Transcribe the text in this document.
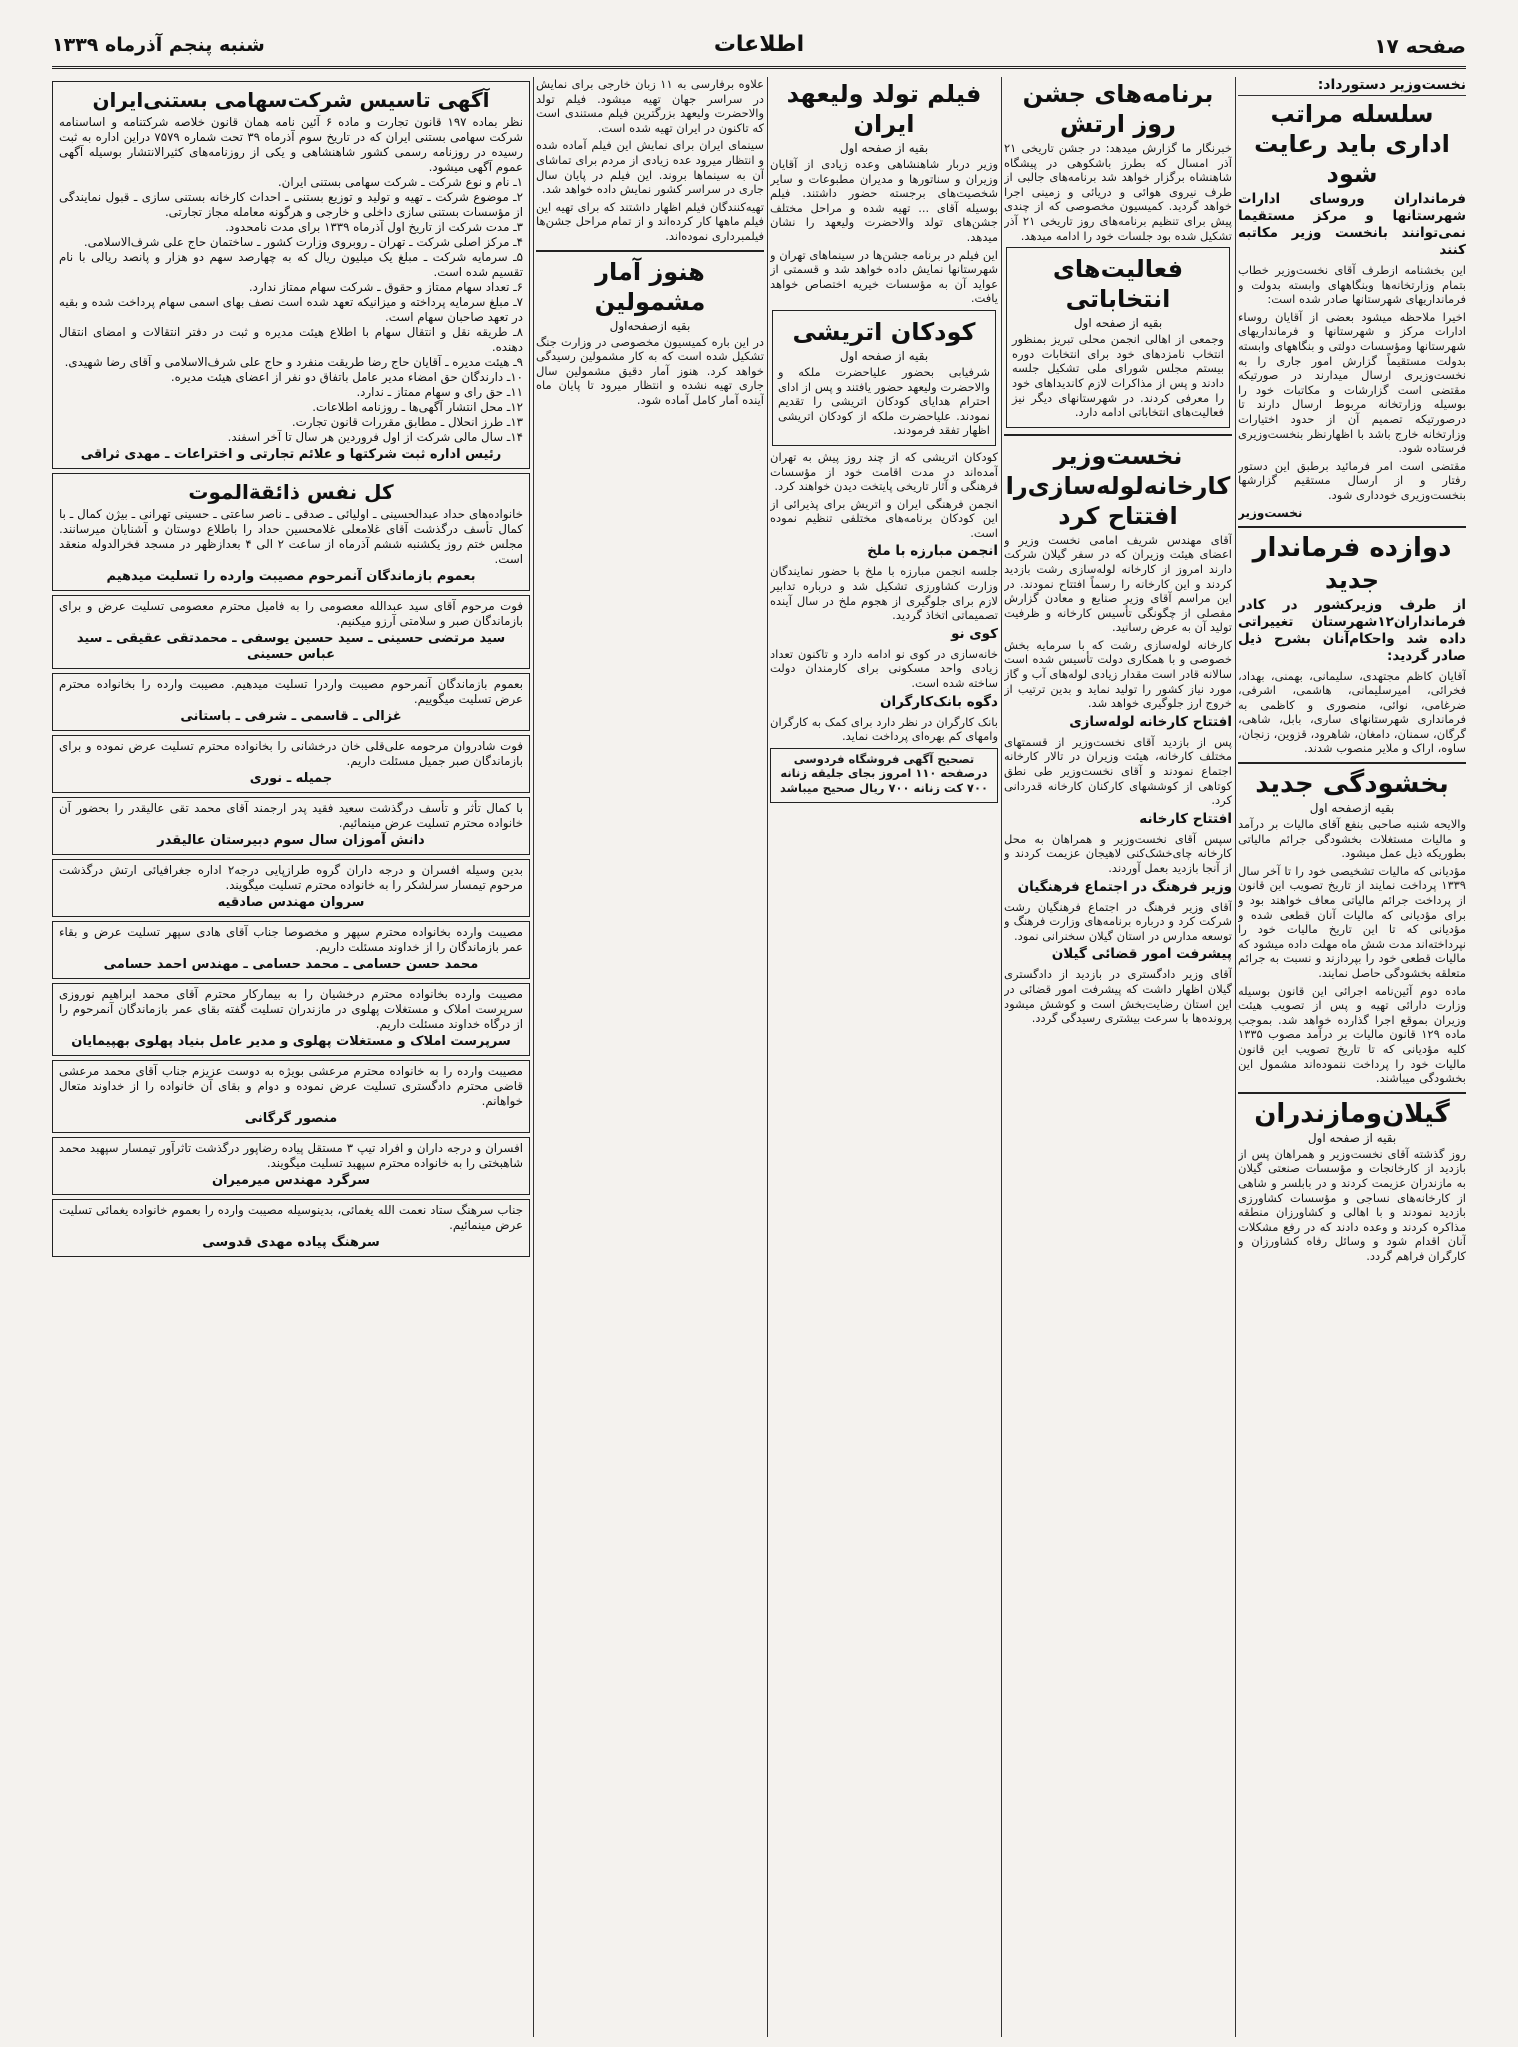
صفحه ۱۷
اطلاعات
شنبه پنجم آذرماه ۱۳۳۹
نخست‌وزیر دستورداد:
سلسله مراتب اداری باید رعایت شود
فرمانداران وروسای ادارات شهرستانها و مرکز مستقیما نمی‌توانند بانخست وزیر مکاتبه کنند

این بخشنامه ازطرف آقای نخست‌وزیر خطاب بتمام وزارتخانه‌ها وبنگاههای وابسته بدولت و فرمانداریهای شهرستانها صادر شده است:

اخیرا ملاحظه میشود بعضی از آقایان روساء ادارات مرکز و شهرستانها و فرمانداریهای شهرستانها ومؤسسات دولتی و بنگاههای وابسته بدولت مستقیماً گزارش امور جاری را به نخست‌وزیری ارسال میدارند در صورتیکه مقتضی است گزارشات و مکاتبات خود را بوسیله وزارتخانه مربوط ارسال دارند تا درصورتیکه تصمیم آن از حدود اختیارات وزارتخانه خارج باشد با اظهارنظر بنخست‌وزیری فرستاده شود.

مقتضی است امر فرمائید برطبق این دستور رفتار و از ارسال مستقیم گزارشها بنخست‌وزیری خودداری شود.

نخست‌وزیر
دوازده فرماندار
جدید
از طرف وزیرکشور در کادر فرمانداران۱۲شهرستان تغییراتی داده شد واحکام‌آنان بشرح ذیل صادر گردید:

آقایان کاظم مجتهدی، سلیمانی، بهمنی، بهداد، فخرائی، امیرسلیمانی، هاشمی، اشرفی، ضرغامی، نوائی، منصوری و کاظمی به فرمانداری شهرستانهای ساری، بابل، شاهی، گرگان، سمنان، دامغان، شاهرود، قزوین، زنجان، ساوه، اراک و ملایر منصوب شدند.

بخشودگی جدید
بقیه ازصفحه اول

والایحه شنبه صاحبی بنفع آقای مالیات بر درآمد و مالیات مستغلات بخشودگی جرائم مالیاتی بطوریکه ذیل عمل میشود.

مؤدیانی که مالیات تشخیصی خود را تا آخر سال ۱۳۳۹ پرداخت نمایند از تاریخ تصویب این قانون از پرداخت جرائم مالیاتی معاف خواهند بود و برای مؤدیانی که مالیات آنان قطعی شده و مؤدیانی که تا این تاریخ مالیات خود را نپرداخته‌اند مدت شش ماه مهلت داده میشود که مالیات قطعی خود را بپردازند و نسبت به جرائم متعلقه بخشودگی حاصل نمایند.

ماده دوم آئین‌نامه اجرائی این قانون بوسیله وزارت دارائی تهیه و پس از تصویب هیئت وزیران بموقع اجرا گذارده خواهد شد. بموجب ماده ۱۲۹ قانون مالیات بر درآمد مصوب ۱۳۳۵ کلیه مؤدیانی که تا تاریخ تصویب این قانون مالیات خود را پرداخت ننموده‌اند مشمول این بخشودگی میباشند.

گیلان‌ومازندران
بقیه از صفحه اول

روز گذشته آقای نخست‌وزیر و همراهان پس از بازدید از کارخانجات و مؤسسات صنعتی گیلان به مازندران عزیمت کردند و در بابلسر و شاهی از کارخانه‌های نساجی و مؤسسات کشاورزی بازدید نمودند و با اهالی و کشاورزان منطقه مذاکره کردند و وعده دادند که در رفع مشکلات آنان اقدام شود و وسائل رفاه کشاورزان و کارگران فراهم گردد.

برنامه‌های جشن روز ارتش

خبرنگار ما گزارش میدهد: در جشن تاریخی ۲۱ آذر امسال که بطرز باشکوهی در پیشگاه شاهنشاه برگزار خواهد شد برنامه‌های جالبی از طرف نیروی هوائی و دریائی و زمینی اجرا خواهد گردید. کمیسیون مخصوصی که از چندی پیش برای تنظیم برنامه‌های روز تاریخی ۲۱ آذر تشکیل شده بود جلسات خود را ادامه میدهد.

فعالیت‌های انتخاباتی
بقیه از صفحه اول

وجمعی از اهالی انجمن محلی تبریز بمنظور انتخاب نامزدهای خود برای انتخابات دوره بیستم مجلس شورای ملی تشکیل جلسه دادند و پس از مذاکرات لازم کاندیداهای خود را معرفی کردند. در شهرستانهای دیگر نیز فعالیت‌های انتخاباتی ادامه دارد.

نخست‌وزیر کارخانه‌لوله‌سازی‌را افتتاح کرد

آقای مهندس شریف امامی نخست وزیر و اعضای هیئت وزیران که در سفر گیلان شرکت دارند امروز از کارخانه لوله‌سازی رشت بازدید کردند و این کارخانه را رسماً افتتاح نمودند. در این مراسم آقای وزیر صنایع و معادن گزارش مفصلی از چگونگی تأسیس کارخانه و ظرفیت تولید آن به عرض رسانید.

کارخانه لوله‌سازی رشت که با سرمایه بخش خصوصی و با همکاری دولت تأسیس شده است سالانه قادر است مقدار زیادی لوله‌های آب و گاز مورد نیاز کشور را تولید نماید و بدین ترتیب از خروج ارز جلوگیری خواهد شد.

افتتاح کارخانه لوله‌سازی

پس از بازدید آقای نخست‌وزیر از قسمتهای مختلف کارخانه، هیئت وزیران در تالار کارخانه اجتماع نمودند و آقای نخست‌وزیر طی نطق کوتاهی از کوششهای کارکنان کارخانه قدردانی کرد.

افتتاح کارخانه

سپس آقای نخست‌وزیر و همراهان به محل کارخانه چای‌خشک‌کنی لاهیجان عزیمت کردند و از آنجا بازدید بعمل آوردند.

وزیر فرهنگ در اجتماع فرهنگیان

آقای وزیر فرهنگ در اجتماع فرهنگیان رشت شرکت کرد و درباره برنامه‌های وزارت فرهنگ و توسعه مدارس در استان گیلان سخنرانی نمود.

پیشرفت امور قضائی گیلان

آقای وزیر دادگستری در بازدید از دادگستری گیلان اظهار داشت که پیشرفت امور قضائی در این استان رضایت‌بخش است و کوشش میشود پرونده‌ها با سرعت بیشتری رسیدگی گردد.

فیلم تولد ولیعهد ایران
بقیه از صفحه اول

وزیر دربار شاهنشاهی وعده زیادی از آقایان وزیران و سناتورها و مدیران مطبوعات و سایر شخصیت‌های برجسته حضور داشتند. فیلم بوسیله آقای ... تهیه شده و مراحل مختلف جشن‌های تولد والاحضرت ولیعهد را نشان میدهد.

این فیلم در برنامه جشن‌ها در سینماهای تهران و شهرستانها نمایش داده خواهد شد و قسمتی از عواید آن به مؤسسات خیریه اختصاص خواهد یافت.

کودکان اتریشی
بقیه از صفحه اول

شرفیابی بحضور علیاحضرت ملکه و والاحضرت ولیعهد حضور یافتند و پس از ادای احترام هدایای کودکان اتریشی را تقدیم نمودند. علیاحضرت ملکه از کودکان اتریشی اظهار تفقد فرمودند.

کودکان اتریشی که از چند روز پیش به تهران آمده‌اند در مدت اقامت خود از مؤسسات فرهنگی و آثار تاریخی پایتخت دیدن خواهند کرد.

انجمن فرهنگی ایران و اتریش برای پذیرائی از این کودکان برنامه‌های مختلفی تنظیم نموده است.

انجمن مبارزه با ملخ

جلسه انجمن مبارزه با ملخ با حضور نمایندگان وزارت کشاورزی تشکیل شد و درباره تدابیر لازم برای جلوگیری از هجوم ملخ در سال آینده تصمیماتی اتخاذ گردید.

کوی نو

خانه‌سازی در کوی نو ادامه دارد و تاکنون تعداد زیادی واحد مسکونی برای کارمندان دولت ساخته شده است.

دگوه بانک‌کارگران

بانک کارگران در نظر دارد برای کمک به کارگران وامهای کم بهره‌ای پرداخت نماید.

تصحیح آگهی فروشگاه فردوسی درصفحه ۱۱۰ امروز بجای جلیقه زنانه ۷۰۰ کت زنانه ۷۰۰ ریال صحیح میباشد

علاوه برفارسی به ۱۱ زبان خارجی برای نمایش در سراسر جهان تهیه میشود. فیلم تولد والاحضرت ولیعهد بزرگترین فیلم مستندی است که تاکنون در ایران تهیه شده است.

سینمای ایران برای نمایش این فیلم آماده شده و انتظار میرود عده زیادی از مردم برای تماشای آن به سینماها بروند. این فیلم در پایان سال جاری در سراسر کشور نمایش داده خواهد شد.

تهیه‌کنندگان فیلم اظهار داشتند که برای تهیه این فیلم ماهها کار کرده‌اند و از تمام مراحل جشن‌ها فیلمبرداری نموده‌اند.

هنوز آمار مشمولین
بقیه ازصفحه‌اول

در این باره کمیسیون مخصوصی در وزارت جنگ تشکیل شده است که به کار مشمولین رسیدگی خواهد کرد. هنوز آمار دقیق مشمولین سال جاری تهیه نشده و انتظار میرود تا پایان ماه آینده آمار کامل آماده شود.

آگهی تاسیس شرکت‌سهامی بستنی‌ایران

نظر بماده ۱۹۷ قانون تجارت و ماده ۶ آئین نامه همان قانون خلاصه شرکتنامه و اساسنامه شرکت سهامی بستنی ایران که در تاریخ سوم آذرماه ۳۹ تحت شماره ۷۵۷۹ دراین اداره به ثبت رسیده در روزنامه رسمی کشور شاهنشاهی و یکی از روزنامه‌های کثیرالانتشار بوسیله آگهی عموم آگهی میشود.

۱ـ نام و نوع شرکت ـ شرکت سهامی بستنی ایران.

۲ـ موضوع شرکت ـ تهیه و تولید و توزیع بستنی ـ احداث کارخانه بستنی سازی ـ قبول نمایندگی از مؤسسات بستنی سازی داخلی و خارجی و هرگونه معامله مجاز تجارتی.

۳ـ مدت شرکت از تاریخ اول آذرماه ۱۳۳۹ برای مدت نامحدود.

۴ـ مرکز اصلی شرکت ـ تهران ـ روبروی وزارت کشور ـ ساختمان حاج علی شرف‌الاسلامی.

۵ـ سرمایه شرکت ـ مبلغ یک میلیون ریال که به چهارصد سهم دو هزار و پانصد ریالی با نام تقسیم شده است.

۶ـ تعداد سهام ممتاز و حقوق ـ شرکت سهام ممتاز ندارد.

۷ـ مبلغ سرمایه پرداخته و میزانیکه تعهد شده است نصف بهای اسمی سهام پرداخت شده و بقیه در تعهد صاحبان سهام است.

۸ـ طریقه نقل و انتقال سهام با اطلاع هیئت مدیره و ثبت در دفتر انتقالات و امضای انتقال دهنده.

۹ـ هیئت مدیره ـ آقایان حاج رضا طریقت منفرد و حاج علی شرف‌الاسلامی و آقای رضا شهیدی.

۱۰ـ دارندگان حق امضاء مدیر عامل باتفاق دو نفر از اعضای هیئت مدیره.

۱۱ـ حق رای و سهام ممتاز ـ ندارد.

۱۲ـ محل انتشار آگهی‌ها ـ روزنامه اطلاعات.

۱۳ـ طرز انحلال ـ مطابق مقررات قانون تجارت.

۱۴ـ سال مالی شرکت از اول فروردین هر سال تا آخر اسفند.

رئیس اداره ثبت شرکتها و علائم تجارتی و اختراعات ـ مهدی ثراقی
کل نفس ذائقةالموت

خانواده‌های حداد عبدالحسینی ـ اولیائی ـ صدقی ـ ناصر ساعتی ـ حسینی تهرانی ـ بیژن کمال ـ با کمال تأسف درگذشت آقای غلامعلی غلامحسین حداد را باطلاع دوستان و آشنایان میرسانند. مجلس ختم روز یکشنبه ششم آذرماه از ساعت ۲ الی ۴ بعدازظهر در مسجد فخرالدوله منعقد است.

بعموم بازماندگان آنمرحوم مصیبت وارده را تسلیت میدهیم

فوت مرحوم آقای سید عبدالله معصومی را به فامیل محترم معصومی تسلیت عرض و برای بازماندگان صبر و سلامتی آرزو میکنیم.

سید مرتضی حسینی ـ سید حسین یوسفی ـ محمدتقی عقیقی ـ سید عباس حسینی

بعموم بازماندگان آنمرحوم مصیبت واردرا تسلیت میدهیم. مصیبت وارده را بخانواده محترم عرض تسلیت میگوییم.

غزالی ـ قاسمی ـ شرفی ـ باستانی

فوت شادروان مرحومه علی‌قلی خان درخشانی را بخانواده محترم تسلیت عرض نموده و برای بازماندگان صبر جمیل مسئلت داریم.

جمیله ـ نوری

با کمال تأثر و تأسف درگذشت سعید فقید پدر ارجمند آقای محمد تقی عالیقدر را بحضور آن خانواده محترم تسلیت عرض مینمائیم.

دانش آموزان سال سوم دبیرستان عالیقدر

بدین وسیله افسران و درجه داران گروه طرازپایی درجه۲ اداره جغرافیائی ارتش درگذشت مرحوم تیمسار سرلشکر را به خانواده محترم تسلیت میگویند.

سروان مهندس صادقیه

مصیبت وارده بخانواده محترم سپهر و مخصوصا جناب آقای هادی سپهر تسلیت عرض و بقاء عمر بازماندگان را از خداوند مسئلت داریم.

محمد حسن حسامی ـ محمد حسامی ـ مهندس احمد حسامی

مصیبت وارده بخانواده محترم درخشیان را به بیمارکار محترم آقای محمد ابراهیم نوروزی سرپرست املاک و مستغلات پهلوی در مازندران تسلیت گفته بقای عمر بازماندگان آنمرحوم را از درگاه خداوند مسئلت داریم.

سرپرست املاک و مستغلات پهلوی و مدیر عامل بنیاد پهلوی بهپیمایان

مصیبت وارده را به خانواده محترم مرعشی بویژه به دوست عزیزم جناب آقای محمد مرعشی قاضی محترم دادگستری تسلیت عرض نموده و دوام و بقای آن خانواده را از خداوند متعال خواهانم.

منصور گرگانی

افسران و درجه داران و افراد تیپ ۳ مستقل پیاده رضاپور درگذشت تاثرآور تیمسار سپهبد محمد شاهبختی را به خانواده محترم سپهبد تسلیت میگویند.

سرگرد مهندس میرمیران

جناب سرهنگ ستاد نعمت الله یغمائی، بدینوسیله مصیبت وارده را بعموم خانواده یغمائی تسلیت عرض مینمائیم.

سرهنگ پیاده مهدی قدوسی
